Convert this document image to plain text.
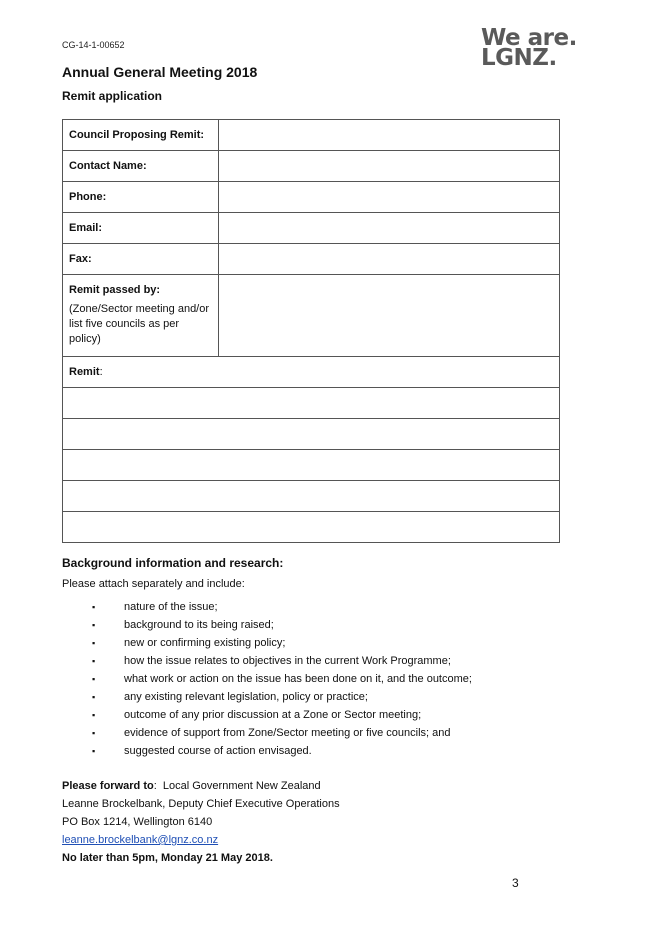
CG-14-1-00652	We are.
LGNZ.
Annual General Meeting 2018
Remit application
Council Proposing Remit:	
Contact Name:	
Phone:	
Email:	
Fax:	

Remit passed by:
(Zone/Sector meeting and/or list five councils as per policy)	

Remit:	

Background information and research:
Please attach separately and include:
▪	nature of the issue;
▪	background to its being raised;
▪	new or confirming existing policy;
▪	how the issue relates to objectives in the current Work Programme;
▪	what work or action on the issue has been done on it, and the outcome;
▪	any existing relevant legislation, policy or practice;
▪	outcome of any prior discussion at a Zone or Sector meeting;
▪	evidence of support from Zone/Sector meeting or five councils; and
▪	suggested course of action envisaged.
Please forward to: Local Government New Zealand
Leanne Brockelbank, Deputy Chief Executive Operations
PO Box 1214, Wellington 6140
leanne.brockelbank@lgnz.co.nz
No later than 5pm, Monday 21 May 2018.
3
